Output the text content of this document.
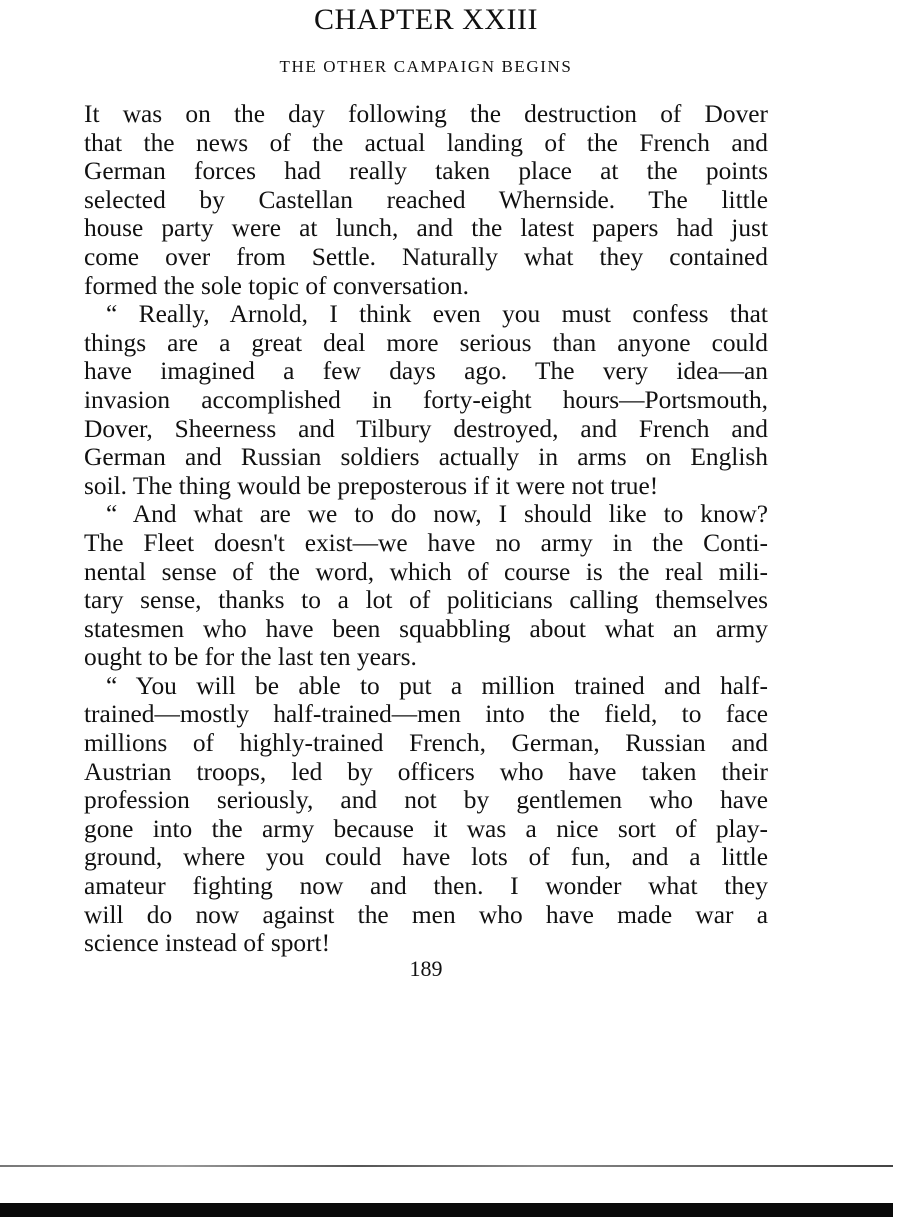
CHAPTER XXIII
THE OTHER CAMPAIGN BEGINS
It was on the day following the destruction of Dover
that the news of the actual landing of the French and
German forces had really taken place at the points
selected by Castellan reached Whernside. The little
house party were at lunch, and the latest papers had just
come over from Settle. Naturally what they contained
formed the sole topic of conversation.
“ Really, Arnold, I think even you must confess that
things are a great deal more serious than anyone could
have imagined a few days ago. The very idea—an
invasion accomplished in forty-eight hours—Portsmouth,
Dover, Sheerness and Tilbury destroyed, and French and
German and Russian soldiers actually in arms on English
soil. The thing would be preposterous if it were not true!
“ And what are we to do now, I should like to know?
The Fleet doesn't exist—we have no army in the Conti-
nental sense of the word, which of course is the real mili-
tary sense, thanks to a lot of politicians calling themselves
statesmen who have been squabbling about what an army
ought to be for the last ten years.
“ You will be able to put a million trained and half-
trained—mostly half-trained—men into the field, to face
millions of highly-trained French, German, Russian and
Austrian troops, led by officers who have taken their
profession seriously, and not by gentlemen who have
gone into the army because it was a nice sort of play-
ground, where you could have lots of fun, and a little
amateur fighting now and then. I wonder what they
will do now against the men who have made war a
science instead of sport!
189
